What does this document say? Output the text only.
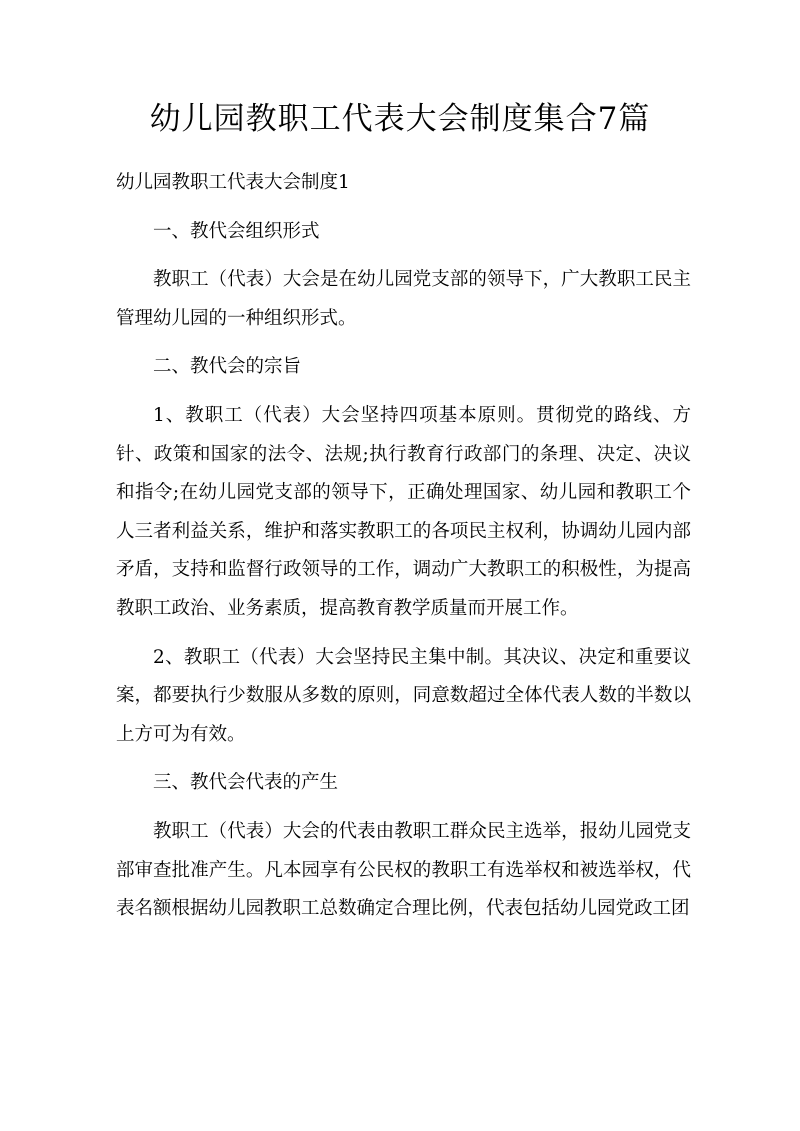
幼儿园教职工代表大会制度集合7篇

幼儿园教职工代表大会制度1

一、教代会组织形式

教职工（代表）大会是在幼儿园党支部的领导下，广大教职工民主管理幼儿园的一种组织形式。

二、教代会的宗旨

1、教职工（代表）大会坚持四项基本原则。贯彻党的路线、方针、政策和国家的法令、法规;执行教育行政部门的条理、决定、决议和指令;在幼儿园党支部的领导下，正确处理国家、幼儿园和教职工个人三者利益关系，维护和落实教职工的各项民主权利，协调幼儿园内部矛盾，支持和监督行政领导的工作，调动广大教职工的积极性，为提高教职工政治、业务素质，提高教育教学质量而开展工作。

2、教职工（代表）大会坚持民主集中制。其决议、决定和重要议案，都要执行少数服从多数的原则，同意数超过全体代表人数的半数以上方可为有效。

三、教代会代表的产生

教职工（代表）大会的代表由教职工群众民主选举，报幼儿园党支部审查批准产生。凡本园享有公民权的教职工有选举权和被选举权，代表名额根据幼儿园教职工总数确定合理比例，代表包括幼儿园党政工团
